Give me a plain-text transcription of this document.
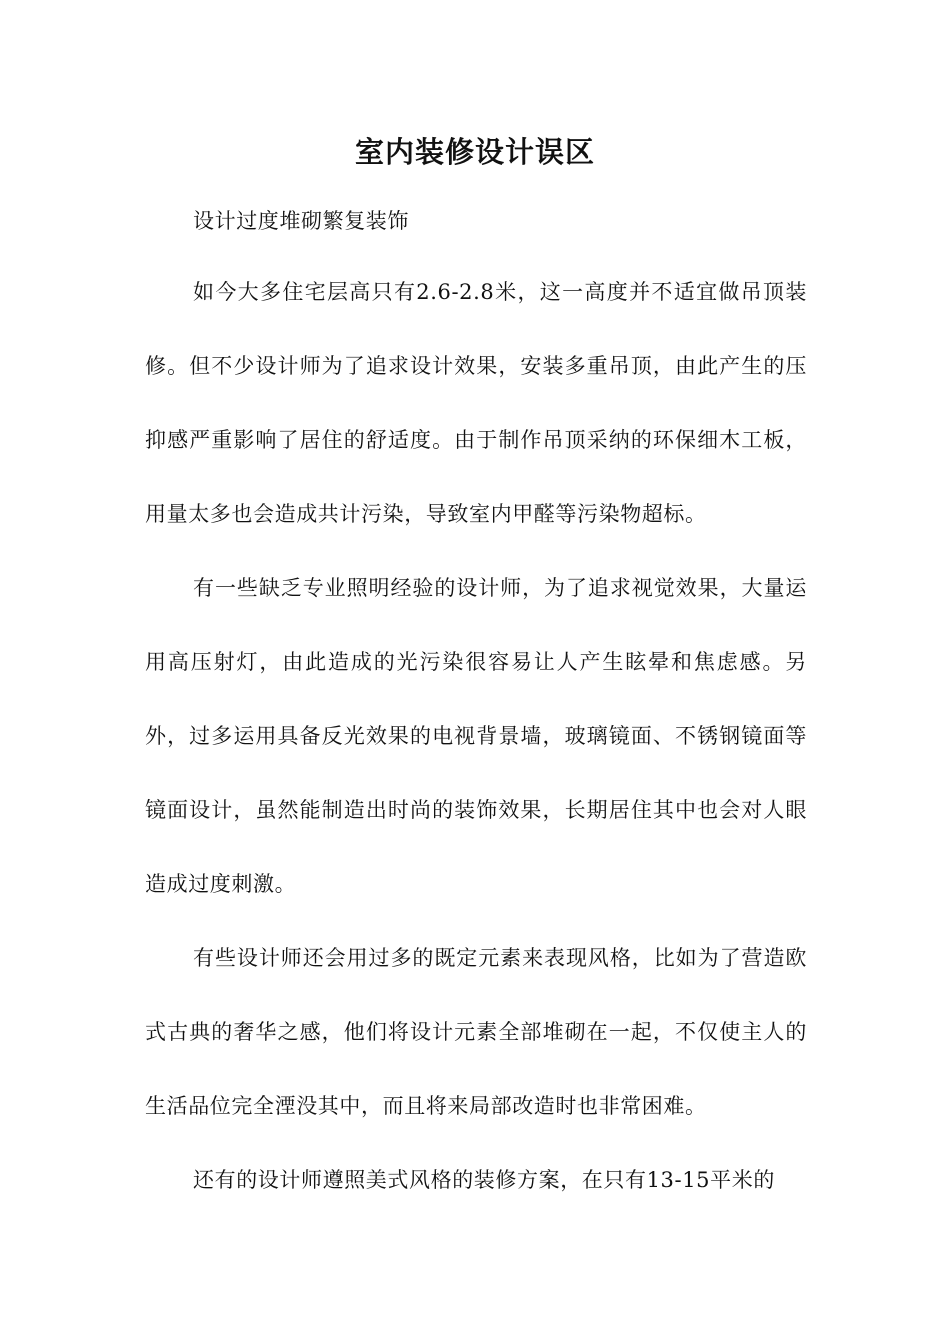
室内装修设计误区
设计过度堆砌繁复装饰

如今大多住宅层高只有2.6-2.8米，这一高度并不适宜做吊顶装修。但不少设计师为了追求设计效果，安装多重吊顶，由此产生的压抑感严重影响了居住的舒适度。由于制作吊顶采纳的环保细木工板，用量太多也会造成共计污染，导致室内甲醛等污染物超标。

有一些缺乏专业照明经验的设计师，为了追求视觉效果，大量运用高压射灯，由此造成的光污染很容易让人产生眩晕和焦虑感。另外，过多运用具备反光效果的电视背景墙，玻璃镜面、不锈钢镜面等镜面设计，虽然能制造出时尚的装饰效果，长期居住其中也会对人眼造成过度刺激。

有些设计师还会用过多的既定元素来表现风格，比如为了营造欧式古典的奢华之感，他们将设计元素全部堆砌在一起，不仅使主人的生活品位完全湮没其中，而且将来局部改造时也非常困难。

还有的设计师遵照美式风格的装修方案，在只有13-15平米的
